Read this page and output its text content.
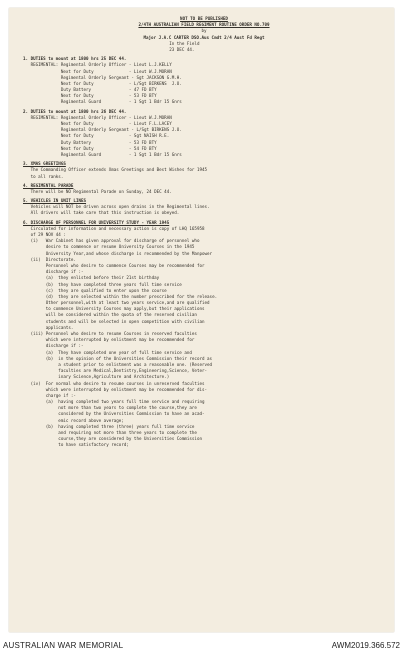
NOT TO BE PUBLISHED
2/4TH AUSTRALIAN FIELD REGIMENT ROUTINE ORDER NO.709
by
Major J.A.C CARTER DSO.Aus Cmdt 2/4 Aust Fd Regt
In the Field
23 DEC 44.
1. DUTIES to mount at 1800 hrs 25 DEC 44.
REGIMENTAL: Regimental Orderly Officer - Lieut L.J.KELLY
Next for Duty              - Lieut W.J.MORAN
Regimental Orderly Sergeant - Sgt JACKSON G.M.H.
Next for Duty              - L/Sgt BIRKENS  J.O.
Duty Battery               - 47 FD BTY
Next for Duty              - 53 FD BTY
Regimental Guard           - 1 Sgt 1 Bdr 15 Gnrs
2. DUTIES to mount at 1800 hrs 26 DEC 44.
REGIMENTAL: Regimental Orderly Officer - Lieut W.J.MORAN
Next for Duty              - Lieut F.L.LACEY
Regimental Orderly Sergeant - L/Sgt BIRKENS J.O.
Next for Duty              - Sgt NAISH R.E.
Duty Battery               - 53 FD BTY
Next for Duty              - 54 FD BTY
Regimental Guard           - 1 Sgt 1 Bdr 15 Gnrs
3. XMAS GREETINGS
The Commanding Officer extends Xmas Greetings and Best Wishes for 1945
to all ranks.
4. REGIMENTAL PARADE
There will be NO Regimental Parade on Sunday, 24 DEC 44.
5. VEHICLES IN UNIT LINES
Vehicles will NOT be driven across open drains in the Regimental lines.
All drivers will take care that this instruction is obeyed.
6. DISCHARGE OF PERSONNEL FOR UNIVERSITY STUDY - YEAR 1945
Circulated for information and necessary action is copy of LHQ 165958
of 29 NOV 44 :
(i)   War Cabinet has given approval for discharge of personnel who
desire to commence or resume University Courses in the 1945
University Year,and whose discharge is recommended by the Manpower
(ii)  Directorate.
Personnel who desire to commence Courses may be recommended for
discharge if :-
(a)  they enlisted before their 21st birthday
(b)  they have completed three years full time service
(c)  they are qualified to enter upon the course
(d)  they are selected within the number prescribed for the release.
Other personnel,with at least two years service,and are qualified
to commence University Courses may apply,but their applications
will be considered within the quota of the reserved civilian
students and will be selected in open competition with civilian
applicants.
(iii) Personnel who desire to resume Courses in reserved faculties
which were interrupted by enlistment may be recommended for
discharge if :-
(a)  They have completed one year of full time service and
(b)  in the opinion of the Universities Commission their record as
a student prior to enlistment was a reasonable one. (Reserved
faculties are Medical,Dentistry,Engineering,Science, Veter-
inary Science,Agriculture and Architecture.)
(iv)  For normal who desire to resume courses in unreserved faculties
which were interrupted by enlistment may be recommended for dis-
charge if :-
(a)  having completed two years full time service and requiring
not more than two years to complete the course,they are
considered by the Universities Commission to have an acad-
emic record above average;
(b)  having completed three (three) years full time service
and requiring not more than three years to complete the
course,they are considered by the Universities Commission
to have satisfactory record;
AUSTRALIAN WAR MEMORIAL	AWM2019.366.572
